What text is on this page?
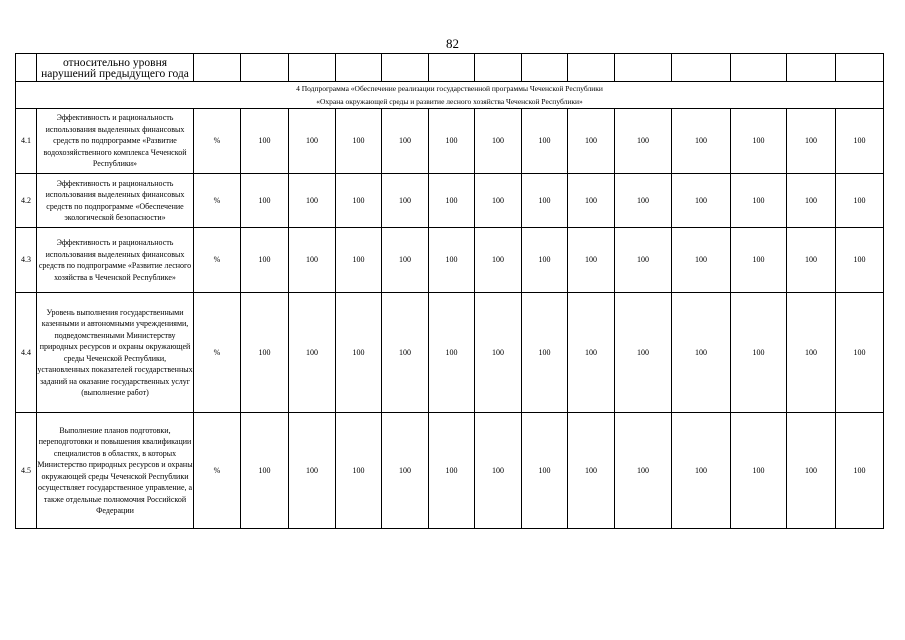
82
	относительно уровня нарушений предыдущего года														

4 Подпрограмма «Обеспечение реализации государственной программы Чеченской Республики
«Охрана окружающей среды и развитие лесного хозяйства Чеченской Республики»															

4.1	Эффективность и рациональность использования выделенных финансовых средств по подпрограмме «Развитие водохозяйственного комплекса Чеченской Республики»	%	100	100	100	100	100	100	100	100	100	100	100	100	100
4.2	Эффективность и рациональность использования выделенных финансовых средств по подпрограмме «Обеспечение экологической безопасности»	%	100	100	100	100	100	100	100	100	100	100	100	100	100
4.3	Эффективность и рациональность использования выделенных финансовых средств по подпрограмме «Развитие лесного хозяйства в Чеченской Республике»	%	100	100	100	100	100	100	100	100	100	100	100	100	100
4.4	Уровень выполнения государственными казенными и автономными учреждениями, подведомственными Министерству природных ресурсов и охраны окружающей среды Чеченской Республики, установленных показателей государственных заданий на оказание государственных услуг (выполнение работ)	%	100	100	100	100	100	100	100	100	100	100	100	100	100
4.5	Выполнение планов подготовки, переподготовки и повышения квалификации специалистов в областях, в которых Министерство природных ресурсов и охраны окружающей среды Чеченской Республики осуществляет государственное управление, а также отдельные полномочия Российской Федерации	%	100	100	100	100	100	100	100	100	100	100	100	100	100
